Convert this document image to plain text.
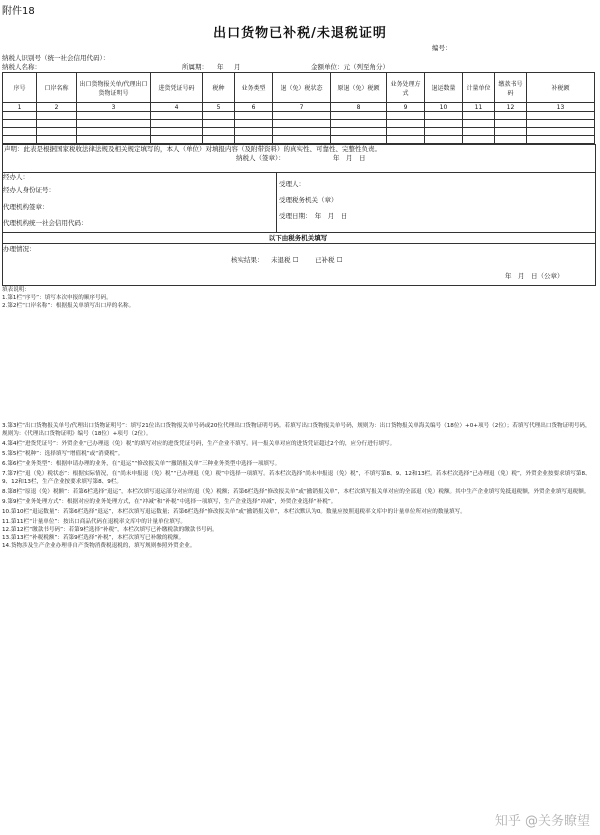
附件18
出口货物已补税/未退税证明
编号：
纳税人识别号（统一社会信用代码）：
纳税人名称：	所属期： 年 月	金额单位：元（列至角分）
序号	口岸名称	出口货物报关单/代理出口货物证明号	进货凭证号码	税种	业务类型	退（免）税状态	原退（免）税额	业务处理方式	退运数量	计量单位	缴款书号码	补税额
1	2	3	4	5	6	7	8	9	10	11	12	13

声明：此表是根据国家税收法律法规及相关规定填写的，本人（单位）对填报内容（及附带资料）的真实性、可靠性、完整性负责。
纳税人（签章）：	年　月　日
经办人：
经办人身份证号：
代理机构签章：
代理机构统一社会信用代码：
受理人：
受理税务机关（章）
受理日期：　年　月　日
以下由税务机关填写
办理情况：
核实结果： 未退税 ☐	已补税 ☐
年　月　日（公章）
填表说明：
1.第1栏“序号”：填写本次申报的顺序号码。
2.第2栏“口岸名称”：根据报关单填写出口岸的名称。
3.第3栏“出口货物报关单号/代理出口货物证明号”：填写21位出口货物报关单号码或20位代理出口货物证明号码。若填写出口货物报关单号码，规则为：出口货物报关单海关编号（18位）+0+项号（2位）；若填写代理出口货物证明号码，规则为：《代理出口货物证明》编号（18位）+项号（2位）。
4.第4栏“进货凭证号”：外贸企业“已办理退（免）税”的填写对应的进货凭证号码，生产企业不填写。同一报关单对应的进货凭证超过2个的，应分行进行填写。
5.第5栏“税种”：选择填写“增值税”或“消费税”。
6.第6栏“业务类型”：根据申请办理的业务，在“退运”“修改报关单”“撤销报关单”三种业务类型中选择一项填写。
7.第7栏“退（免）税状态”：根据实际情况，在“尚未申报退（免）税”“已办理退（免）税”中选择一项填写。若本栏次选择“尚未申报退（免）税”，不填写第8、9、12和13栏。若本栏次选择“已办理退（免）税”，外贸企业按要求填写第8、9、12和13栏，生产企业按要求填写第8、9栏。
8.第8栏“原退（免）税额”：若第6栏选择“退运”，本栏次填写退运部分对应的退（免）税额；若第6栏选择“修改报关单”或“撤销报关单”，本栏次填写报关单对应的全部退（免）税额。其中生产企业填写免抵退税额，外贸企业填写退税额。
9.第9栏“业务处理方式”：根据对应的业务处理方式，在“冲减”和“补税”中选择一项填写，生产企业选择“冲减”，外贸企业选择“补税”。
10.第10栏“退运数量”：若第6栏选择“退运”，本栏次填写退运数量；若第6栏选择“修改报关单”或“撤销报关单”，本栏次默认为0。数量应按照退税率文库中的计量单位所对应的数量填写。
11.第11栏“计量单位”：按出口商品代码在退税率文库中的计量单位填写。
12.第12栏“缴款书号码”：若第9栏选择“补税”，本栏次填写已补缴税款的缴款书号码。
13.第13栏“补税税额”：若第9栏选择“补税”，本栏次填写已补缴的税额。
14.货物涉及生产企业办理非自产货物消费税退税的，填写规则参照外贸企业。
知乎 @关务瞭望
